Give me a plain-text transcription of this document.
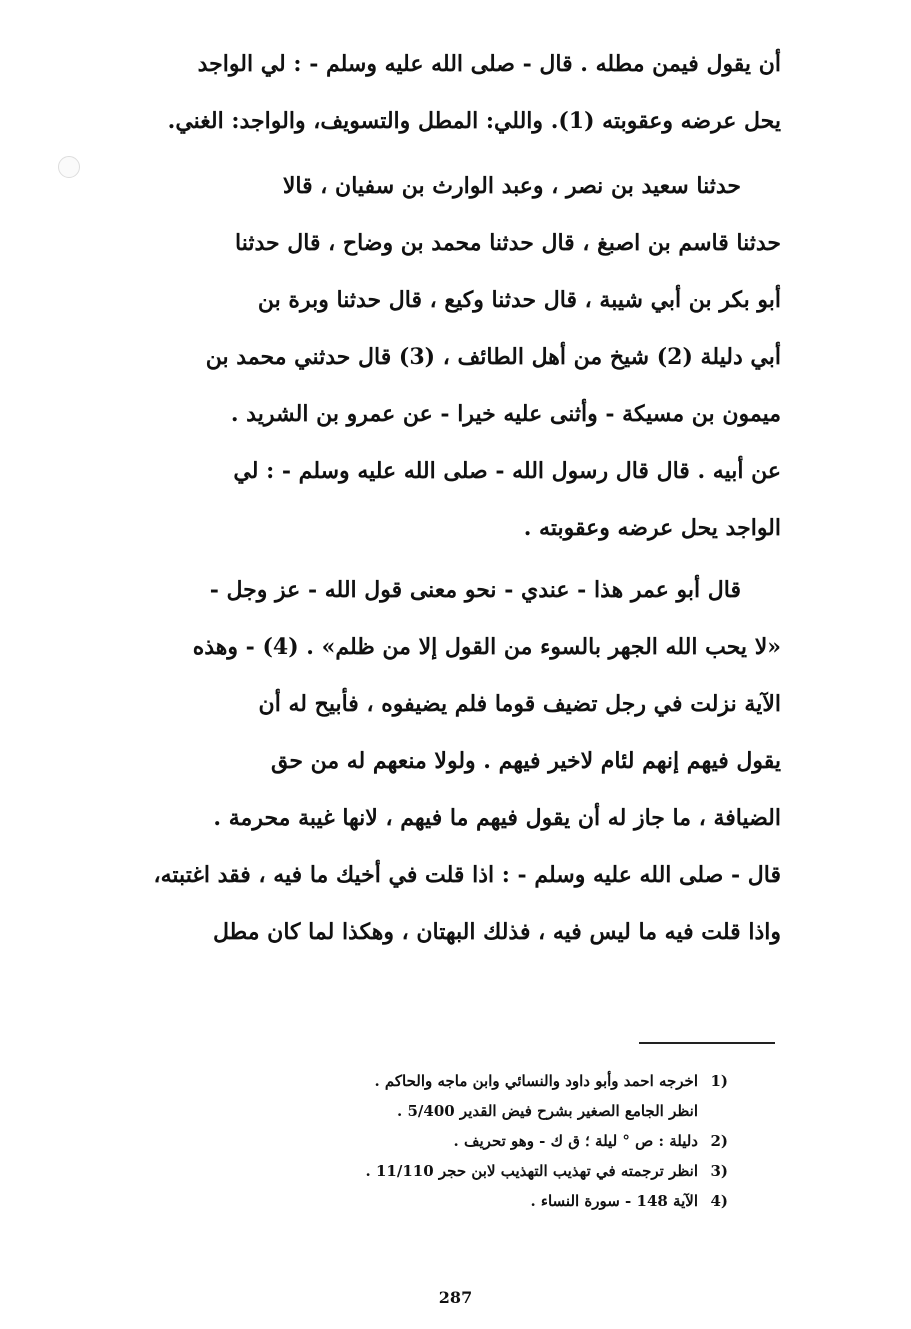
أن يقول فيمن مطله . قال - صلى الله عليه وسلم - : لي الواجد
يحل عرضه وعقوبته (1). واللي: المطل والتسويف، والواجد: الغني.
حدثنا سعيد بن نصر ، وعبد الوارث بن سفيان ، قالا
حدثنا قاسم بن اصبغ ، قال حدثنا محمد بن وضاح ، قال حدثنا
أبو بكر بن أبي شيبة ، قال حدثنا وكيع ، قال حدثنا وبرة بن
أبي دليلة (2) شيخ من أهل الطائف ، (3) قال حدثني محمد بن
ميمون بن مسيكة - وأثنى عليه خيرا - عن عمرو بن الشريد .
عن أبيه . قال قال رسول الله - صلى الله عليه وسلم - : لي
الواجد يحل عرضه وعقوبته .
قال أبو عمر هذا - عندي - نحو معنى قول الله - عز وجل -
«لا يحب الله الجهر بالسوء من القول إلا من ظلم» . (4) - وهذه
الآية نزلت في رجل تضيف قوما فلم يضيفوه ، فأبيح له أن
يقول فيهم إنهم لئام لاخير فيهم . ولولا منعهم له من حق
الضيافة ، ما جاز له أن يقول فيهم ما فيهم ، لانها غيبة محرمة .
قال - صلى الله عليه وسلم - : اذا قلت في أخيك ما فيه ، فقد اغتبته،
واذا قلت فيه ما ليس فيه ، فذلك البهتان ، وهكذا لما كان مطل
1)
اخرجه احمد وأبو داود والنسائي وابن ماجه والحاكم .
انظر الجامع الصغير بشرح فيض القدير 5/400 .
2)
دليلة : ص ° ليلة ؛ ق ك - وهو تحريف .
3)
انظر ترجمته في تهذيب التهذيب لابن حجر 11/110 .
4)
الآية 148 - سورة النساء .
287
